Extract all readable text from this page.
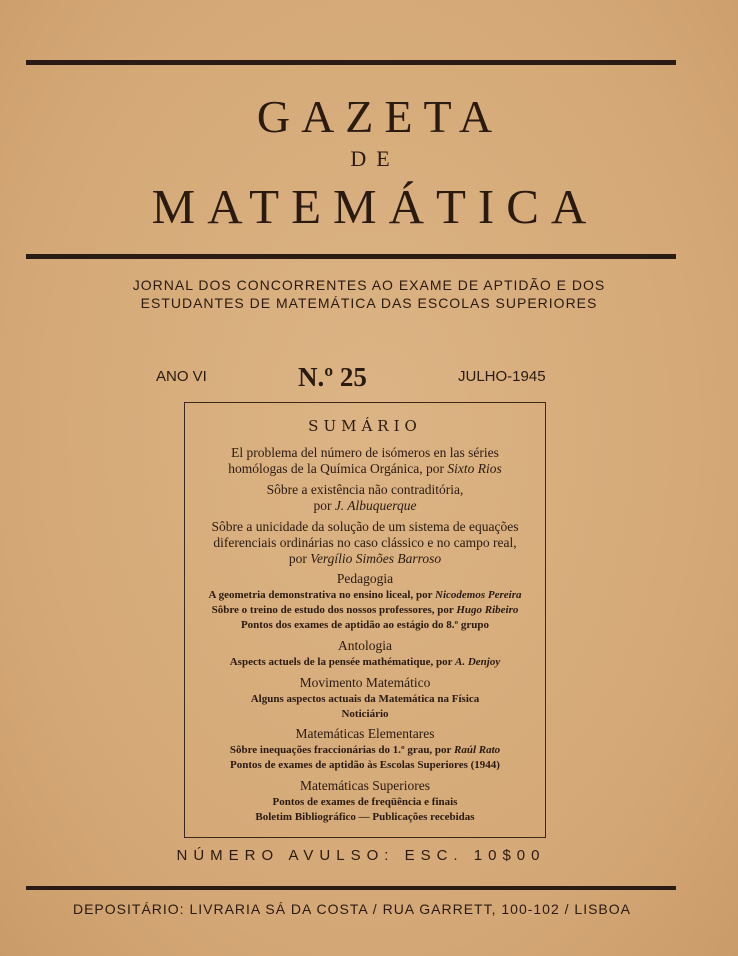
GAZETA
DE
MATEMÁTICA
JORNAL DOS CONCORRENTES AO EXAME DE APTIDÃO E DOS
ESTUDANTES DE MATEMÁTICA DAS ESCOLAS SUPERIORES
ANO VI	N.º 25	JULHO-1945
SUMÁRIO
El problema del número de isómeros en las séries
homólogas de la Química Orgánica, por Sixto Rios
Sôbre a existência não contraditória,
por J. Albuquerque
Sôbre a unicidade da solução de um sistema de equações
diferenciais ordinárias no caso clássico e no campo real,
por Vergílio Simões Barroso
Pedagogia
A geometria demonstrativa no ensino liceal, por Nicodemos Pereira
Sôbre o treino de estudo dos nossos professores, por Hugo Ribeiro
Pontos dos exames de aptidão ao estágio do 8.º grupo
Antologia
Aspects actuels de la pensée mathématique, por A. Denjoy
Movimento Matemático
Alguns aspectos actuais da Matemática na Física
Noticiário
Matemáticas Elementares
Sôbre inequações fraccionárias do 1.º grau, por Raúl Rato
Pontos de exames de aptidão às Escolas Superiores (1944)
Matemáticas Superiores
Pontos de exames de freqüência e finais
Boletim Bibliográfico — Publicações recebidas
NÚMERO AVULSO: ESC. 10$00
DEPOSITÁRIO: LIVRARIA SÁ DA COSTA / RUA GARRETT, 100-102 / LISBOA
